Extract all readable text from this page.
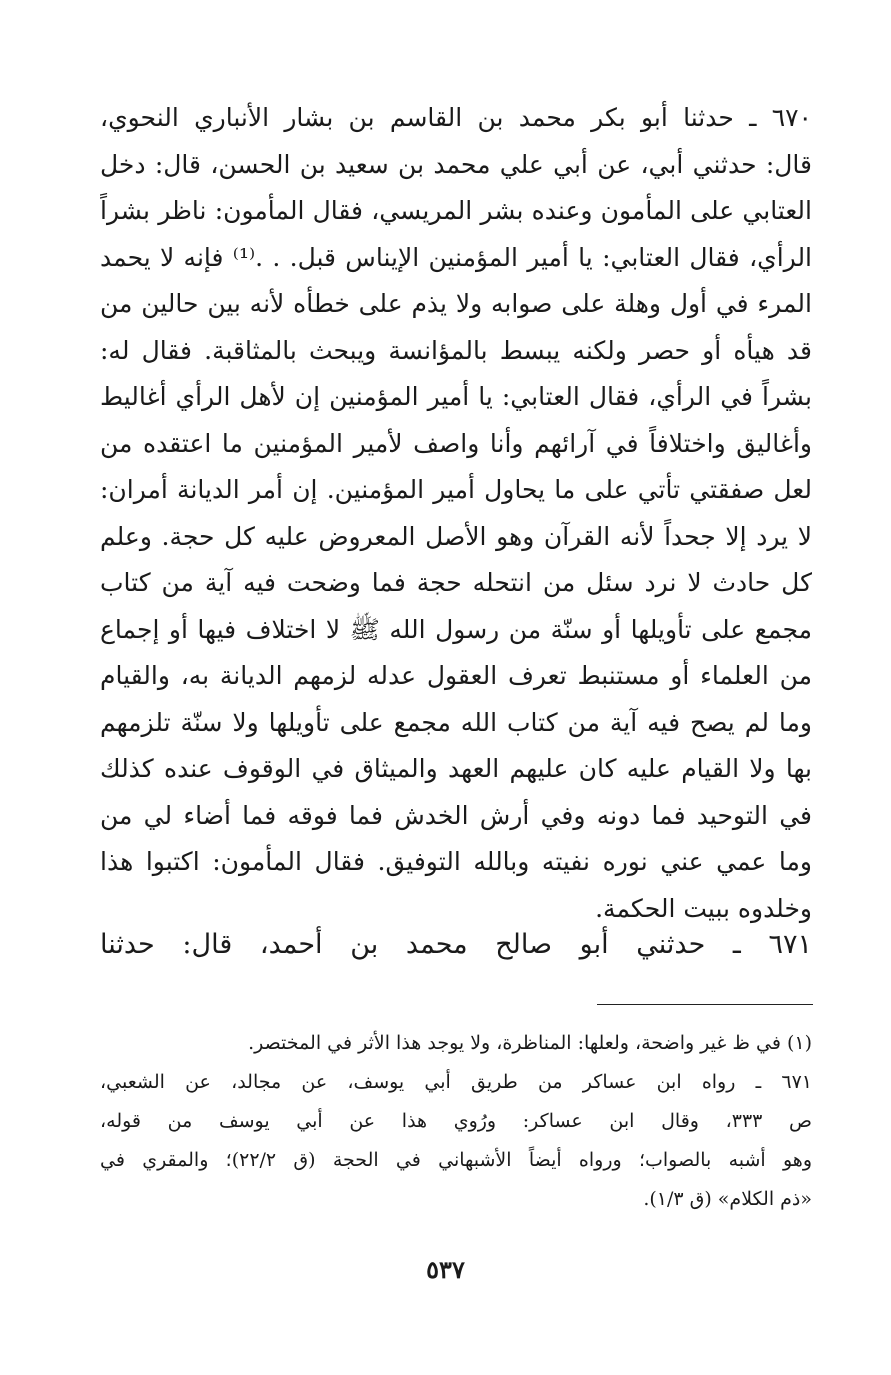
٦٧٠ ـ حدثنا أبو بكر محمد بن القاسم بن بشار الأنباري النحوي،
قال: حدثني أبي، عن أبي علي محمد بن سعيد بن الحسن، قال: دخل
العتابي على المأمون وعنده بشر المريسي، فقال المأمون: ناظر بشراً
الرأي، فقال العتابي: يا أمير المؤمنين الإيناس قبل. . .⁽¹⁾ فإنه لا يحمد
المرء في أول وهلة على صوابه ولا يذم على خطأه لأنه بين حالين من
قد هيأه أو حصر ولكنه يبسط بالمؤانسة ويبحث بالمثاقبة. فقال له:
بشراً في الرأي، فقال العتابي: يا أمير المؤمنين إن لأهل الرأي أغاليط
وأغاليق واختلافاً في آرائهم وأنا واصف لأمير المؤمنين ما اعتقده من
لعل صفقتي تأتي على ما يحاول أمير المؤمنين. إن أمر الديانة أمران:
لا يرد إلا جحداً لأنه القرآن وهو الأصل المعروض عليه كل حجة. وعلم
كل حادث لا نرد سئل من انتحله حجة فما وضحت فيه آية من كتاب
مجمع على تأويلها أو سنّة من رسول الله ﷺ لا اختلاف فيها أو إجماع
من العلماء أو مستنبط تعرف العقول عدله لزمهم الديانة به، والقيام
وما لم يصح فيه آية من كتاب الله مجمع على تأويلها ولا سنّة تلزمهم
بها ولا القيام عليه كان عليهم العهد والميثاق في الوقوف عنده كذلك
في التوحيد فما دونه وفي أرش الخدش فما فوقه فما أضاء لي من
وما عمي عني نوره نفيته وبالله التوفيق. فقال المأمون: اكتبوا هذا
وخلدوه ببيت الحكمة.
٦٧١ ـ حدثني أبو صالح محمد بن أحمد، قال: حدثنا
(١) في ظ غير واضحة، ولعلها: المناظرة، ولا يوجد هذا الأثر في المختصر.
٦٧١ ـ رواه ابن عساكر من طريق أبي يوسف، عن مجالد، عن الشعبي،
ص ٣٣٣، وقال ابن عساكر: ورُوي هذا عن أبي يوسف من قوله،
وهو أشبه بالصواب؛ ورواه أيضاً الأشبهاني في الحجة (ق ٢٢/٢)؛ والمقري في
«ذم الكلام» (ق ١/٣).
٥٣٧
